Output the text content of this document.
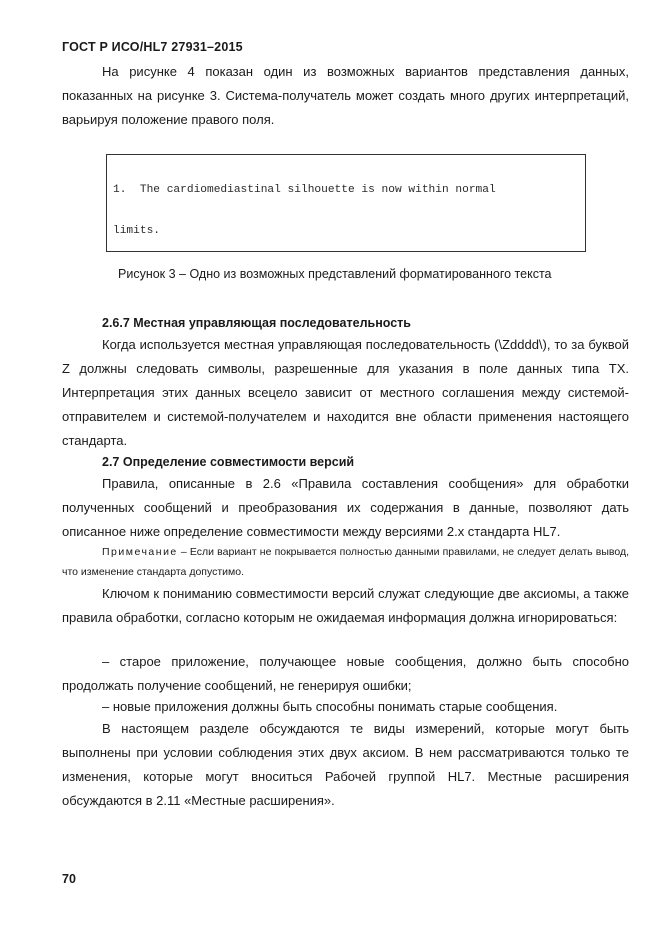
ГОСТ Р ИСО/HL7 27931–2015
На рисунке 4 показан один из возможных вариантов представления данных, показанных на рисунке 3. Система-получатель может создать много других интерпретаций, варьируя положение правого поля.

1.  The cardiomediastinal silhouette is now within normal

limits.

Рисунок 3 – Одно из возможных представлений форматированного текста
2.6.7 Местная управляющая последовательность
Когда используется местная управляющая последовательность (\Zdddd\), то за буквой Z должны следовать символы, разрешенные для указания в поле данных типа TX. Интерпретация этих данных всецело зависит от местного соглашения между системой-отправителем и системой-получателем и находится вне области применения настоящего стандарта.
2.7 Определение совместимости версий
Правила, описанные в 2.6 «Правила составления сообщения» для обработки полученных сообщений и преобразования их содержания в данные, позволяют дать описанное ниже определение совместимости между версиями 2.x стандарта HL7.
Примечание – Если вариант не покрывается полностью данными правилами, не следует делать вывод, что изменение стандарта допустимо.
Ключом к пониманию совместимости версий служат следующие две аксиомы, а также правила обработки, согласно которым не ожидаемая информация должна игнорироваться:
– старое приложение, получающее новые сообщения, должно быть способно продолжать получение сообщений, не генерируя ошибки;
– новые приложения должны быть способны понимать старые сообщения.
В настоящем разделе обсуждаются те виды измерений, которые могут быть выполнены при условии соблюдения этих двух аксиом. В нем рассматриваются только те изменения, которые могут вноситься Рабочей группой HL7. Местные расширения обсуждаются в 2.11 «Местные расширения».
70
